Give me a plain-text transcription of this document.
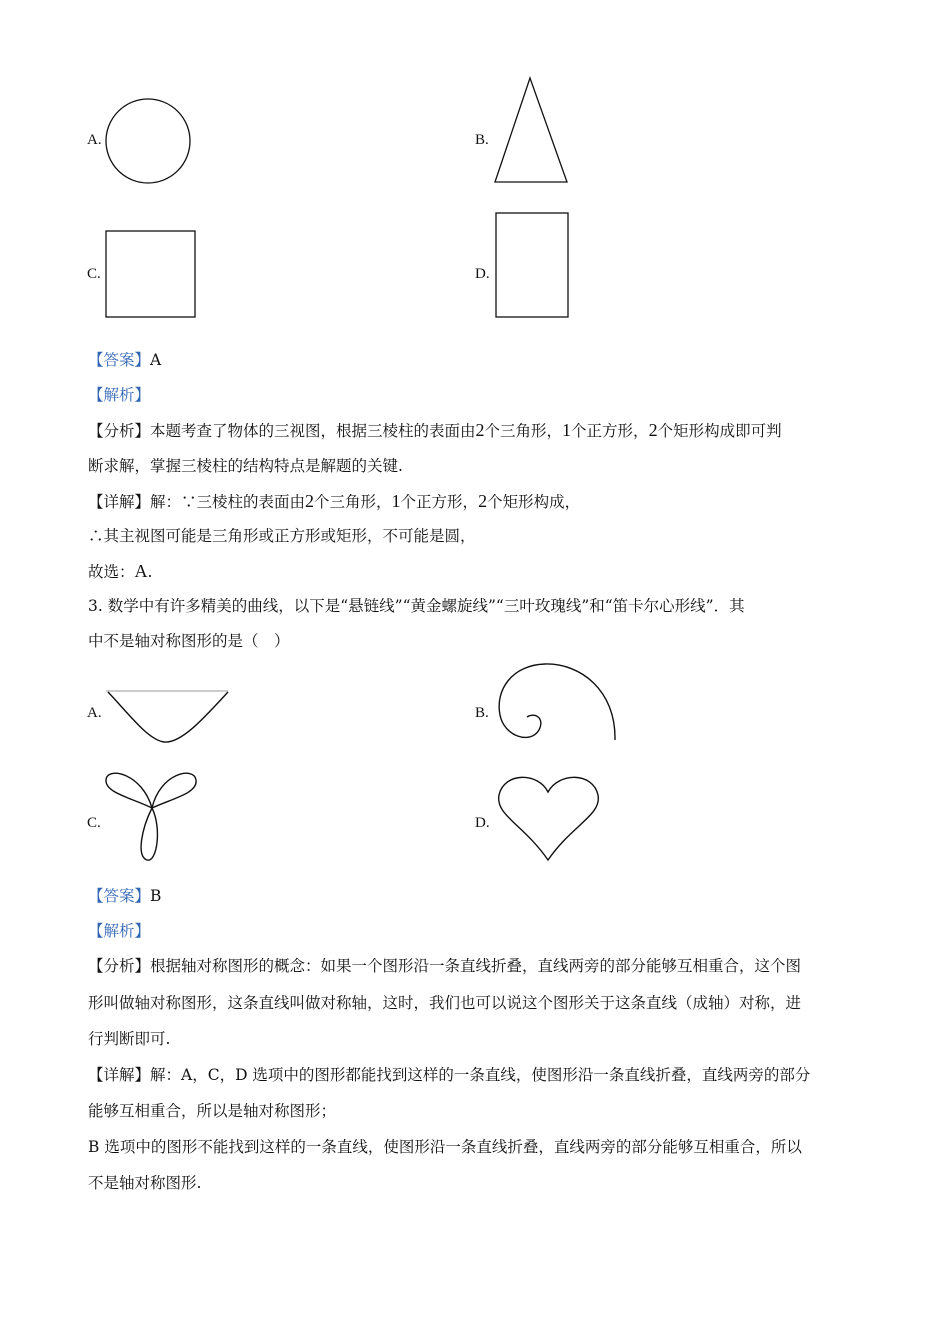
A.	B.
C.	D.
【答案】A
【解析】
【分析】本题考查了物体的三视图，根据三棱柱的表面由2个三角形，1个正方形，2个矩形构成即可判
断求解，掌握三棱柱的结构特点是解题的关键.
【详解】解：∵三棱柱的表面由2个三角形，1个正方形，2个矩形构成，
∴其主视图可能是三角形或正方形或矩形，不可能是圆，
故选：A.
3. 数学中有许多精美的曲线，以下是“悬链线”“黄金螺旋线”“三叶玫瑰线”和“笛卡尔心形线”．其
中不是轴对称图形的是（　）
A.	B.
C.	D.
【答案】B
【解析】
【分析】根据轴对称图形的概念：如果一个图形沿一条直线折叠，直线两旁的部分能够互相重合，这个图
形叫做轴对称图形，这条直线叫做对称轴，这时，我们也可以说这个图形关于这条直线（成轴）对称，进
行判断即可.
【详解】解：A，C，D 选项中的图形都能找到这样的一条直线，使图形沿一条直线折叠，直线两旁的部分
能够互相重合，所以是轴对称图形；
B 选项中的图形不能找到这样的一条直线，使图形沿一条直线折叠，直线两旁的部分能够互相重合，所以
不是轴对称图形.
